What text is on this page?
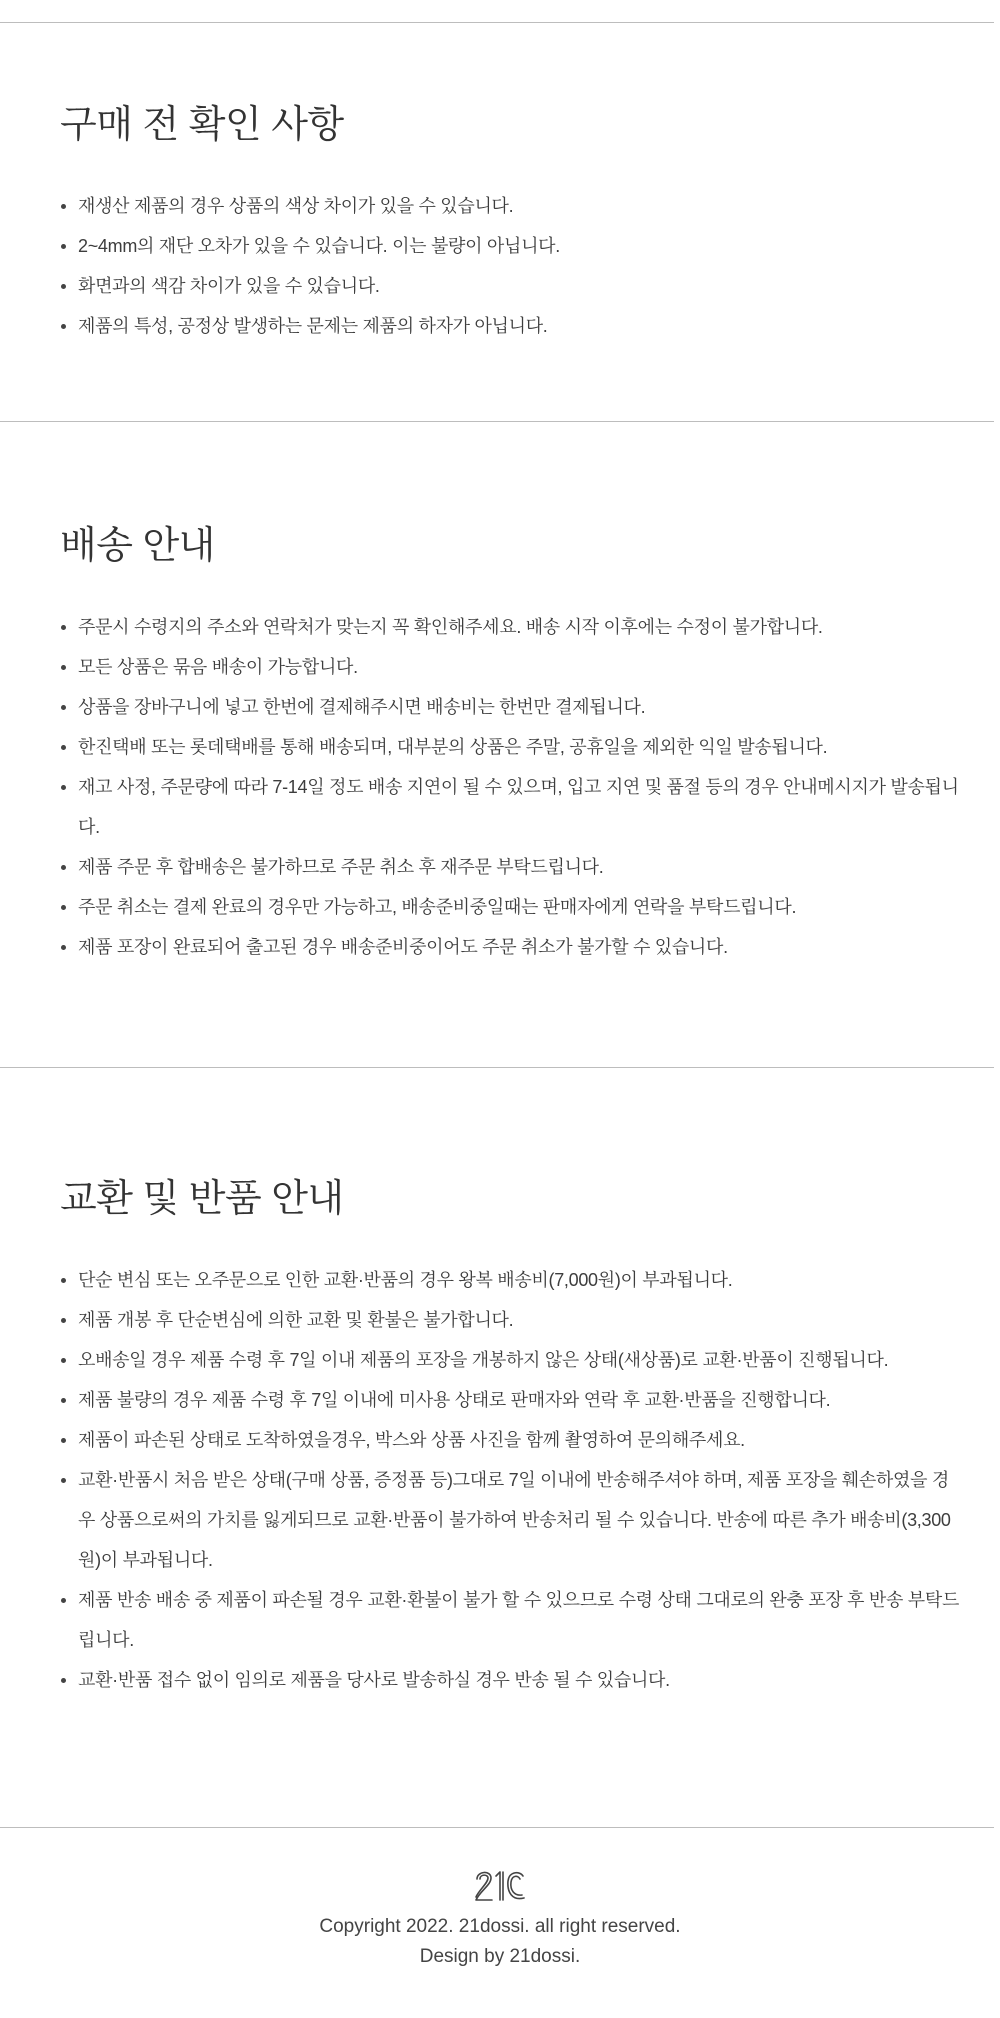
구매 전 확인 사항
재생산 제품의 경우 상품의 색상 차이가 있을 수 있습니다.
2~4mm의 재단 오차가 있을 수 있습니다. 이는 불량이 아닙니다.
화면과의 색감 차이가 있을 수 있습니다.
제품의 특성, 공정상 발생하는 문제는 제품의 하자가 아닙니다.
배송 안내
주문시 수령지의 주소와 연락처가 맞는지 꼭 확인해주세요. 배송 시작 이후에는 수정이 불가합니다.
모든 상품은 묶음 배송이 가능합니다.
상품을 장바구니에 넣고 한번에 결제해주시면 배송비는 한번만 결제됩니다.
한진택배 또는 롯데택배를 통해 배송되며, 대부분의 상품은 주말, 공휴일을 제외한 익일 발송됩니다.
재고 사정, 주문량에 따라 7-14일 정도 배송 지연이 될 수 있으며, 입고 지연 및 품절 등의 경우 안내메시지가 발송됩니다.
제품 주문 후 합배송은 불가하므로 주문 취소 후 재주문 부탁드립니다.
주문 취소는 결제 완료의 경우만 가능하고, 배송준비중일때는 판매자에게 연락을 부탁드립니다.
제품 포장이 완료되어 출고된 경우 배송준비중이어도 주문 취소가 불가할 수 있습니다.
교환 및 반품 안내
단순 변심 또는 오주문으로 인한 교환·반품의 경우 왕복 배송비(7,000원)이 부과됩니다.
제품 개봉 후 단순변심에 의한 교환 및 환불은 불가합니다.
오배송일 경우 제품 수령 후 7일 이내 제품의 포장을 개봉하지 않은 상태(새상품)로 교환·반품이 진행됩니다.
제품 불량의 경우 제품 수령 후 7일 이내에 미사용 상태로 판매자와 연락 후 교환·반품을 진행합니다.
제품이 파손된 상태로 도착하였을경우, 박스와 상품 사진을 함께 촬영하여 문의해주세요.
교환·반품시 처음 받은 상태(구매 상품, 증정품 등)그대로 7일 이내에 반송해주셔야 하며, 제품 포장을 훼손하였을 경우 상품으로써의 가치를 잃게되므로 교환·반품이 불가하여 반송처리 될 수 있습니다. 반송에 따른 추가 배송비(3,300원)이 부과됩니다.
제품 반송 배송 중 제품이 파손될 경우 교환·환불이 불가 할 수 있으므로 수령 상태 그대로의 완충 포장 후 반송 부탁드립니다.
교환·반품 접수 없이 임의로 제품을 당사로 발송하실 경우 반송 될 수 있습니다.

Copyright 2022. 21dossi. all right reserved.

Design by 21dossi.
